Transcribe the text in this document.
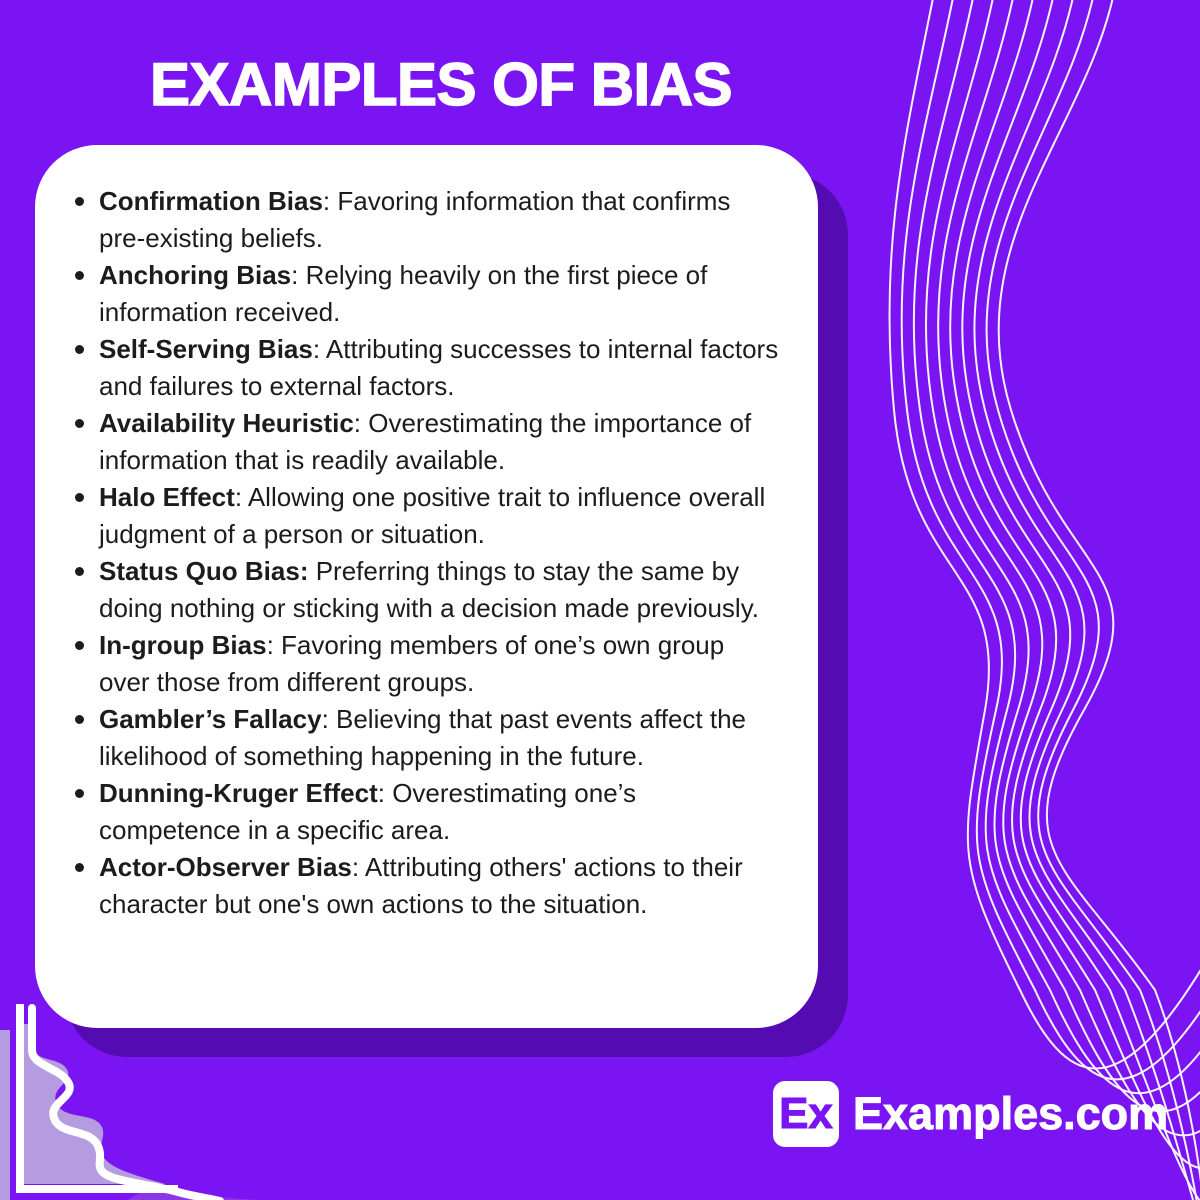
EXAMPLES OF BIAS
Confirmation Bias: Favoring information that confirms pre-existing beliefs.
Anchoring Bias: Relying heavily on the first piece of information received.
Self-Serving Bias: Attributing successes to internal factors and failures to external factors.
Availability Heuristic: Overestimating the importance of information that is readily available.
Halo Effect: Allowing one positive trait to influence overall judgment of a person or situation.
Status Quo Bias: Preferring things to stay the same by doing nothing or sticking with a decision made previously.
In-group Bias: Favoring members of one’s own group over those from different groups.
Gambler’s Fallacy: Believing that past events affect the likelihood of something happening in the future.
Dunning-Kruger Effect: Overestimating one’s competence in a specific area.
Actor-Observer Bias: Attributing others' actions to their character but one's own actions to the situation.
Ex Examples.com
